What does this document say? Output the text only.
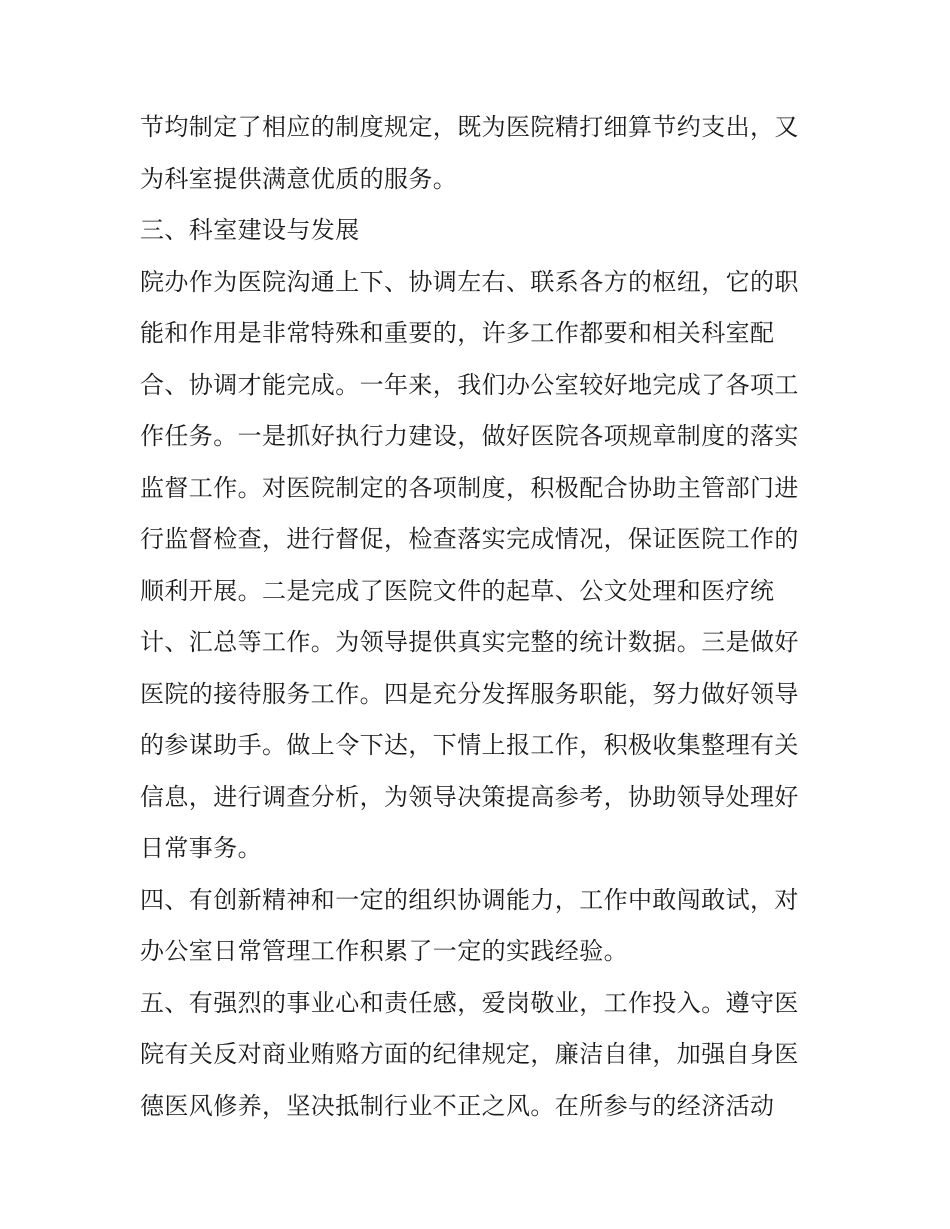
节均制定了相应的制度规定，既为医院精打细算节约支出，又
为科室提供满意优质的服务。
三、科室建设与发展
院办作为医院沟通上下、协调左右、联系各方的枢纽，它的职
能和作用是非常特殊和重要的，许多工作都要和相关科室配
合、协调才能完成。一年来，我们办公室较好地完成了各项工
作任务。一是抓好执行力建设，做好医院各项规章制度的落实
监督工作。对医院制定的各项制度，积极配合协助主管部门进
行监督检查，进行督促，检查落实完成情况，保证医院工作的
顺利开展。二是完成了医院文件的起草、公文处理和医疗统
计、汇总等工作。为领导提供真实完整的统计数据。三是做好
医院的接待服务工作。四是充分发挥服务职能，努力做好领导
的参谋助手。做上令下达，下情上报工作，积极收集整理有关
信息，进行调查分析，为领导决策提高参考，协助领导处理好
日常事务。
四、有创新精神和一定的组织协调能力，工作中敢闯敢试，对
办公室日常管理工作积累了一定的实践经验。
五、有强烈的事业心和责任感，爱岗敬业，工作投入。遵守医
院有关反对商业贿赂方面的纪律规定，廉洁自律，加强自身医
德医风修养，坚决抵制行业不正之风。在所参与的经济活动
